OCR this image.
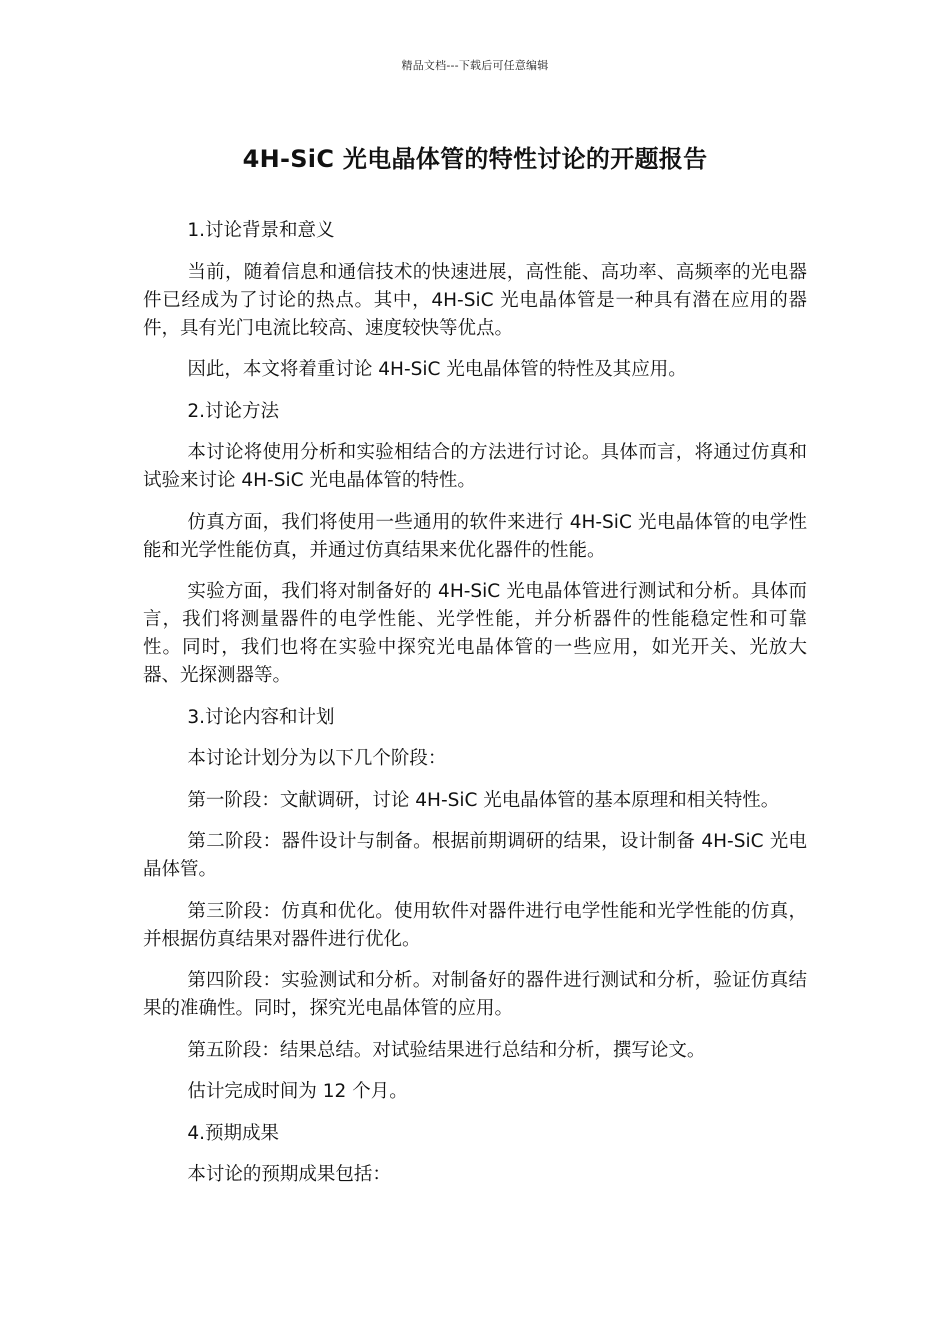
精品文档---下载后可任意编辑
4H-SiC 光电晶体管的特性讨论的开题报告

1.讨论背景和意义

当前，随着信息和通信技术的快速进展，高性能、高功率、高频率的光电器件已经成为了讨论的热点。其中，4H-SiC 光电晶体管是一种具有潜在应用的器件，具有光门电流比较高、速度较快等优点。

因此，本文将着重讨论 4H-SiC 光电晶体管的特性及其应用。

2.讨论方法

本讨论将使用分析和实验相结合的方法进行讨论。具体而言，将通过仿真和试验来讨论 4H-SiC 光电晶体管的特性。

仿真方面，我们将使用一些通用的软件来进行 4H-SiC 光电晶体管的电学性能和光学性能仿真，并通过仿真结果来优化器件的性能。

实验方面，我们将对制备好的 4H-SiC 光电晶体管进行测试和分析。具体而言，我们将测量器件的电学性能、光学性能，并分析器件的性能稳定性和可靠性。同时，我们也将在实验中探究光电晶体管的一些应用，如光开关、光放大器、光探测器等。

3.讨论内容和计划

本讨论计划分为以下几个阶段：

第一阶段：文献调研，讨论 4H-SiC 光电晶体管的基本原理和相关特性。

第二阶段：器件设计与制备。根据前期调研的结果，设计制备 4H-SiC 光电晶体管。

第三阶段：仿真和优化。使用软件对器件进行电学性能和光学性能的仿真，并根据仿真结果对器件进行优化。

第四阶段：实验测试和分析。对制备好的器件进行测试和分析，验证仿真结果的准确性。同时，探究光电晶体管的应用。

第五阶段：结果总结。对试验结果进行总结和分析，撰写论文。

估计完成时间为 12 个月。

4.预期成果

本讨论的预期成果包括：
